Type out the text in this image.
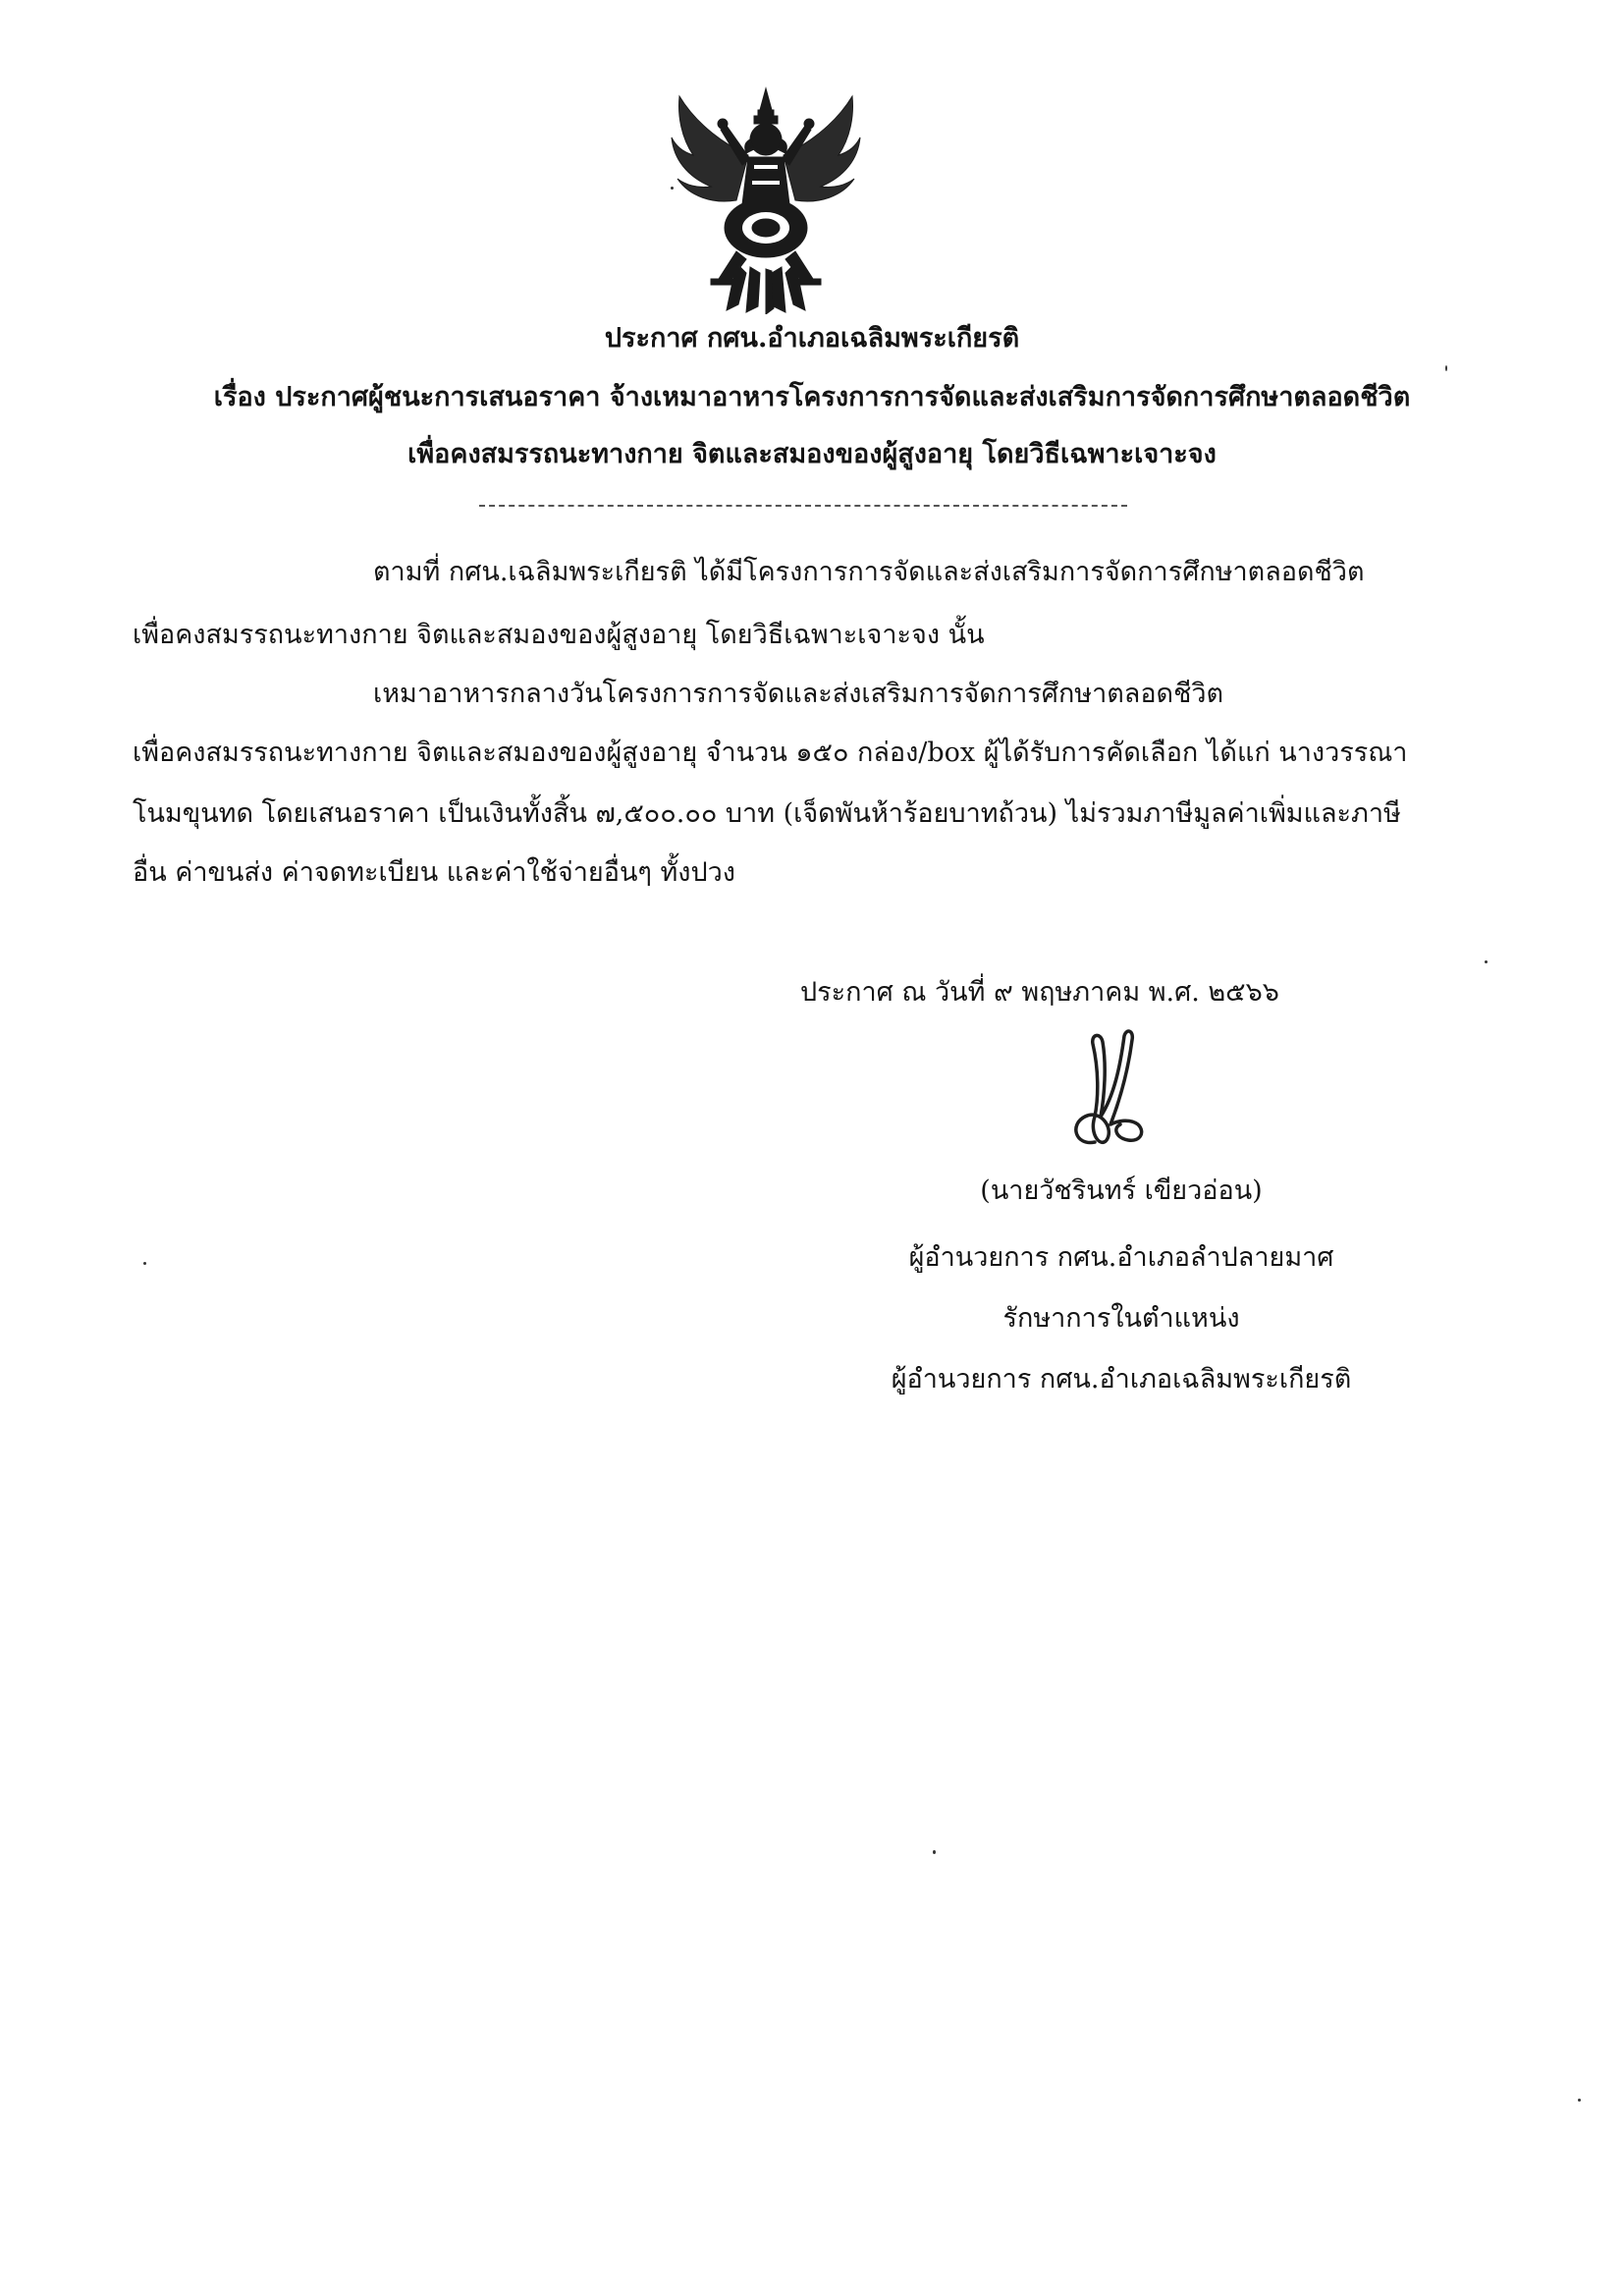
ประกาศ กศน.อำเภอเฉลิมพระเกียรติ
เรื่อง ประกาศผู้ชนะการเสนอราคา จ้างเหมาอาหารโครงการการจัดและส่งเสริมการจัดการศึกษาตลอดชีวิต
เพื่อคงสมรรถนะทางกาย จิตและสมองของผู้สูงอายุ โดยวิธีเฉพาะเจาะจง
ตามที่ กศน.เฉลิมพระเกียรติ ได้มีโครงการการจัดและส่งเสริมการจัดการศึกษาตลอดชีวิต
เพื่อคงสมรรถนะทางกาย จิตและสมองของผู้สูงอายุ โดยวิธีเฉพาะเจาะจง นั้น
เหมาอาหารกลางวันโครงการการจัดและส่งเสริมการจัดการศึกษาตลอดชีวิต
เพื่อคงสมรรถนะทางกาย จิตและสมองของผู้สูงอายุ จำนวน ๑๕๐ กล่อง/box ผู้ได้รับการคัดเลือก ได้แก่ นางวรรณา
โนมขุนทด โดยเสนอราคา เป็นเงินทั้งสิ้น ๗,๕๐๐.๐๐ บาท (เจ็ดพันห้าร้อยบาทถ้วน) ไม่รวมภาษีมูลค่าเพิ่มและภาษี
อื่น ค่าขนส่ง ค่าจดทะเบียน และค่าใช้จ่ายอื่นๆ ทั้งปวง
ประกาศ ณ วันที่ ๙ พฤษภาคม พ.ศ. ๒๕๖๖
(นายวัชรินทร์ เขียวอ่อน)
ผู้อำนวยการ กศน.อำเภอลำปลายมาศ
รักษาการในตำแหน่ง
ผู้อำนวยการ กศน.อำเภอเฉลิมพระเกียรติ
